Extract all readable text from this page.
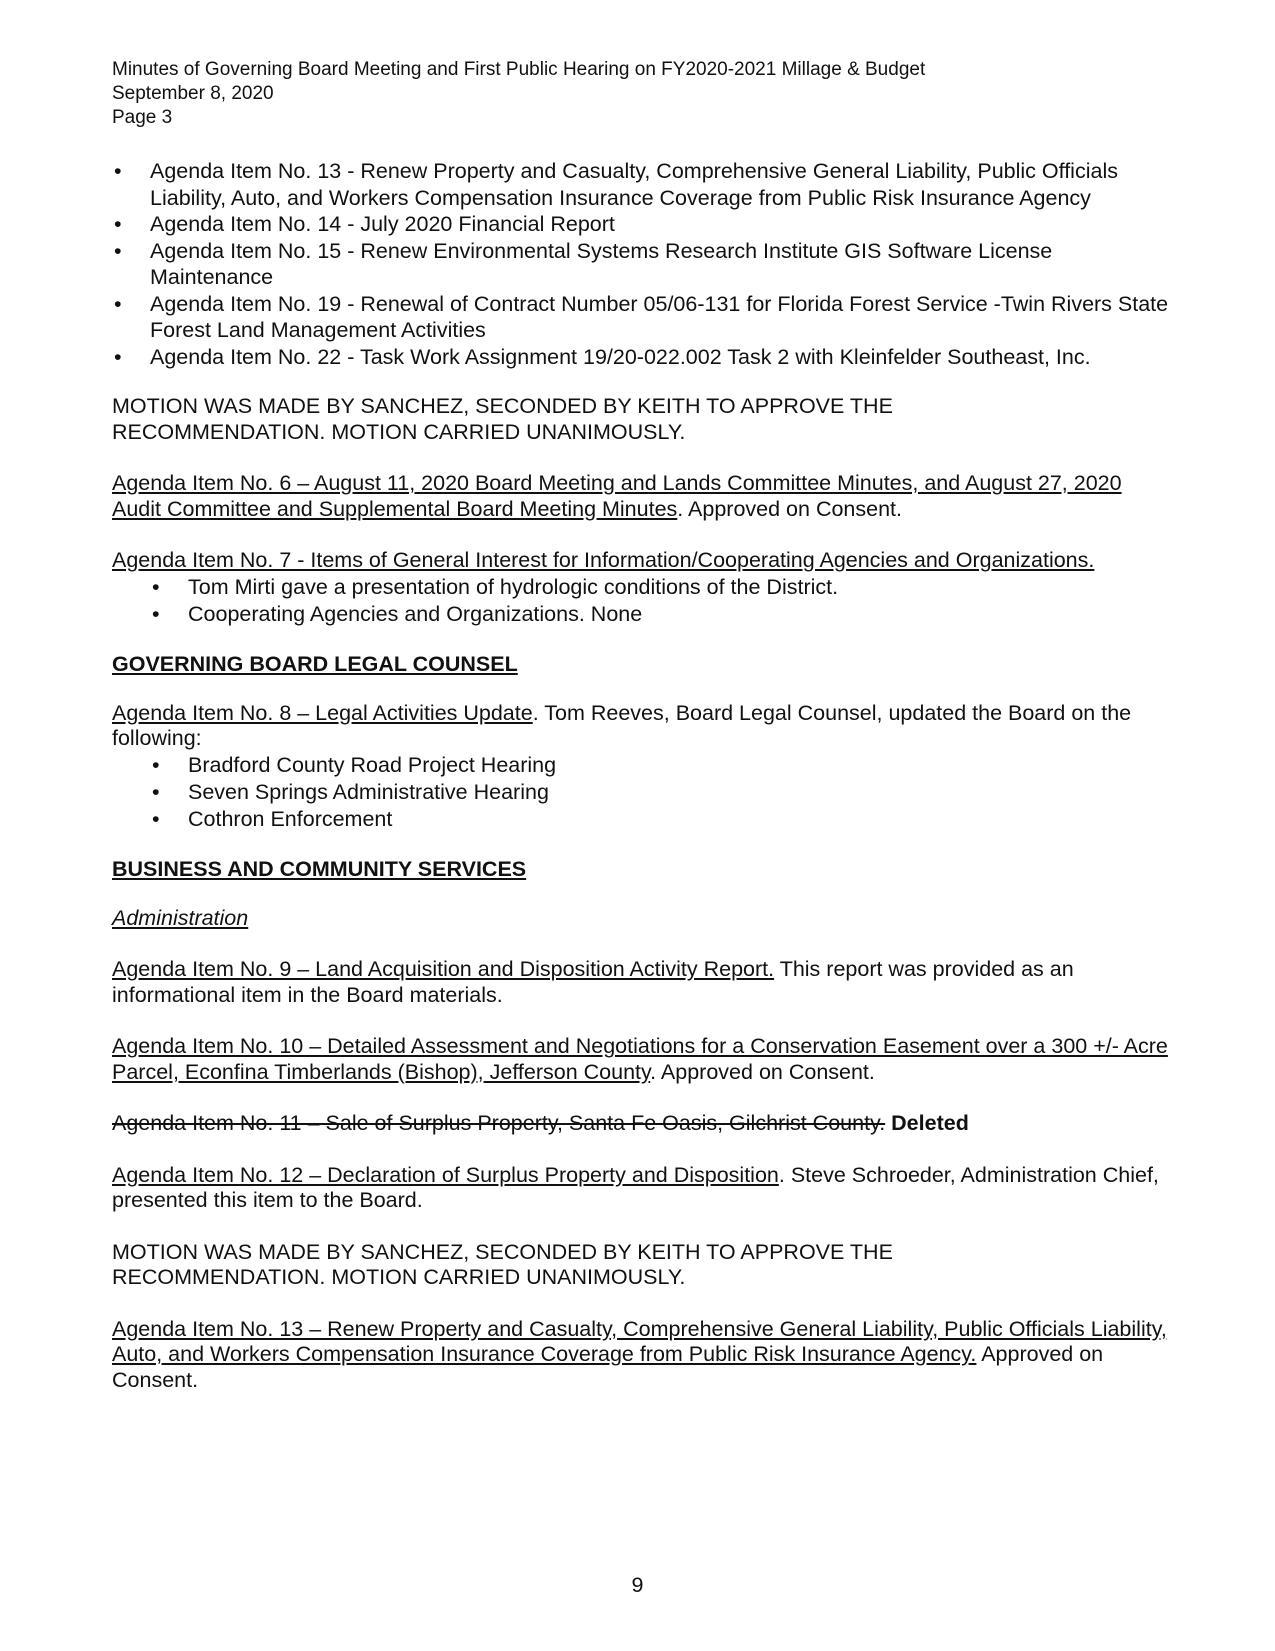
Minutes of Governing Board Meeting and First Public Hearing on FY2020-2021 Millage & Budget

September 8, 2020

Page 3

• Agenda Item No. 13 - Renew Property and Casualty, Comprehensive General Liability, Public Officials Liability, Auto, and Workers Compensation Insurance Coverage from Public Risk Insurance Agency
• Agenda Item No. 14 - July 2020 Financial Report
• Agenda Item No. 15 - Renew Environmental Systems Research Institute GIS Software License Maintenance
• Agenda Item No. 19 - Renewal of Contract Number 05/06-131 for Florida Forest Service -Twin Rivers State Forest Land Management Activities
• Agenda Item No. 22 - Task Work Assignment 19/20-022.002 Task 2 with Kleinfelder Southeast, Inc.

MOTION WAS MADE BY SANCHEZ, SECONDED BY KEITH TO APPROVE THE RECOMMENDATION. MOTION CARRIED UNANIMOUSLY.

Agenda Item No. 6 – August 11, 2020 Board Meeting and Lands Committee Minutes, and August 27, 2020 Audit Committee and Supplemental Board Meeting Minutes. Approved on Consent.

Agenda Item No. 7 - Items of General Interest for Information/Cooperating Agencies and Organizations.

• Tom Mirti gave a presentation of hydrologic conditions of the District.
• Cooperating Agencies and Organizations. None

GOVERNING BOARD LEGAL COUNSEL

Agenda Item No. 8 – Legal Activities Update. Tom Reeves, Board Legal Counsel, updated the Board on the following:

• Bradford County Road Project Hearing
• Seven Springs Administrative Hearing
• Cothron Enforcement

BUSINESS AND COMMUNITY SERVICES

Administration

Agenda Item No. 9 – Land Acquisition and Disposition Activity Report. This report was provided as an informational item in the Board materials.

Agenda Item No. 10 – Detailed Assessment and Negotiations for a Conservation Easement over a 300 +/- Acre Parcel, Econfina Timberlands (Bishop), Jefferson County. Approved on Consent.

Agenda Item No. 11 – Sale of Surplus Property, Santa Fe Oasis, Gilchrist County. Deleted

Agenda Item No. 12 – Declaration of Surplus Property and Disposition. Steve Schroeder, Administration Chief, presented this item to the Board.

MOTION WAS MADE BY SANCHEZ, SECONDED BY KEITH TO APPROVE THE RECOMMENDATION. MOTION CARRIED UNANIMOUSLY.

Agenda Item No. 13 – Renew Property and Casualty, Comprehensive General Liability, Public Officials Liability, Auto, and Workers Compensation Insurance Coverage from Public Risk Insurance Agency. Approved on Consent.

9
